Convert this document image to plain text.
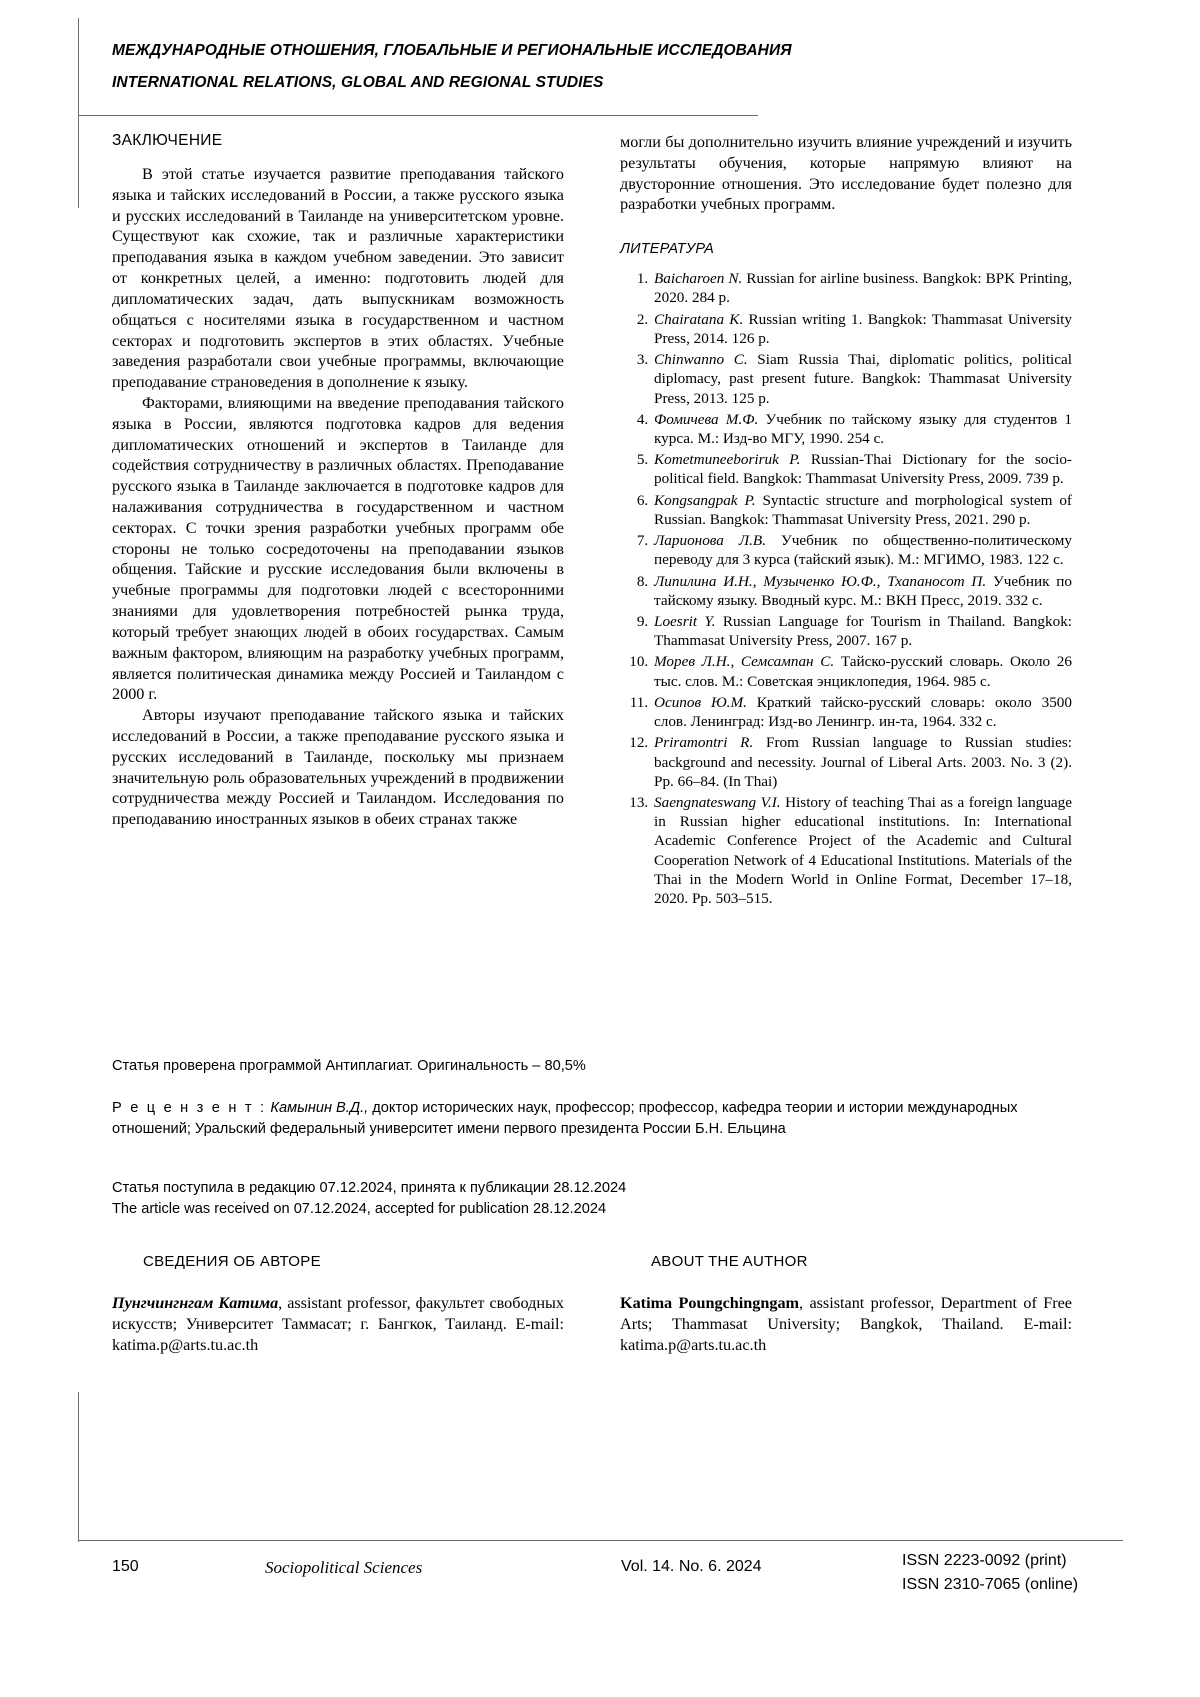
МЕЖДУНАРОДНЫЕ ОТНОШЕНИЯ, ГЛОБАЛЬНЫЕ И РЕГИОНАЛЬНЫЕ ИССЛЕДОВАНИЯ
INTERNATIONAL RELATIONS, GLOBAL AND REGIONAL STUDIES
ЗАКЛЮЧЕНИЕ

В этой статье изучается развитие преподавания тайского языка и тайских исследований в России, а также русского языка и русских исследований в Таиланде на университетском уровне. Существуют как схожие, так и различные характеристики преподавания языка в каждом учебном заведении. Это зависит от конкретных целей, а именно: подготовить людей для дипломатических задач, дать выпускникам возможность общаться с носителями языка в государственном и частном секторах и подготовить экспертов в этих областях. Учебные заведения разработали свои учебные программы, включающие преподавание страноведения в дополнение к языку.

Факторами, влияющими на введение преподавания тайского языка в России, являются подготовка кадров для ведения дипломатических отношений и экспертов в Таиланде для содействия сотрудничеству в различных областях. Преподавание русского языка в Таиланде заключается в подготовке кадров для налаживания сотрудничества в государственном и частном секторах. С точки зрения разработки учебных программ обе стороны не только сосредоточены на преподавании языков общения. Тайские и русские исследования были включены в учебные программы для подготовки людей с всесторонними знаниями для удовлетворения потребностей рынка труда, который требует знающих людей в обоих государствах. Самым важным фактором, влияющим на разработку учебных программ, является политическая динамика между Россией и Таиландом с 2000 г.

Авторы изучают преподавание тайского языка и тайских исследований в России, а также преподавание русского языка и русских исследований в Таиланде, поскольку мы признаем значительную роль образовательных учреждений в продвижении сотрудничества между Россией и Таиландом. Исследования по преподаванию иностранных языков в обеих странах также

могли бы дополнительно изучить влияние учреждений и изучить результаты обучения, которые напрямую влияют на двусторонние отношения. Это исследование будет полезно для разработки учебных программ.

ЛИТЕРАТУРА
1. Baicharoen N. Russian for airline business. Bangkok: BPK Printing, 2020. 284 p.
2. Chairatana K. Russian writing 1. Bangkok: Thammasat University Press, 2014. 126 p.
3. Chinwanno C. Siam Russia Thai, diplomatic politics, political diplomacy, past present future. Bangkok: Thammasat University Press, 2013. 125 p.
4. Фомичева М.Ф. Учебник по тайскому языку для студентов 1 курса. М.: Изд-во МГУ, 1990. 254 с.
5. Kometmuneeboriruk P. Russian-Thai Dictionary for the socio-political field. Bangkok: Thammasat University Press, 2009. 739 p.
6. Kongsangpak P. Syntactic structure and morphological system of Russian. Bangkok: Thammasat University Press, 2021. 290 p.
7. Ларионова Л.В. Учебник по общественно-политическому переводу для 3 курса (тайский язык). М.: МГИМО, 1983. 122 с.
8. Липилина И.Н., Музыченко Ю.Ф., Тхапаносот П. Учебник по тайскому языку. Вводный курс. М.: ВКН Пресс, 2019. 332 с.
9. Loesrit Y. Russian Language for Tourism in Thailand. Bangkok: Thammasat University Press, 2007. 167 p.
10. Морев Л.Н., Семсампан С. Тайско-русский словарь. Около 26 тыс. слов. М.: Советская энциклопедия, 1964. 985 с.
11. Осипов Ю.М. Краткий тайско-русский словарь: около 3500 слов. Ленинград: Изд-во Ленингр. ин-та, 1964. 332 с.
12. Priramontri R. From Russian language to Russian studies: background and necessity. Journal of Liberal Arts. 2003. No. 3 (2). Pp. 66–84. (In Thai)
13. Saengnateswang V.I. History of teaching Thai as a foreign language in Russian higher educational institutions. In: International Academic Conference Project of the Academic and Cultural Cooperation Network of 4 Educational Institutions. Materials of the Thai in the Modern World in Online Format, December 17–18, 2020. Pp. 503–515.
Статья проверена программой Антиплагиат. Оригинальность – 80,5%
Р е ц е н з е н т : Камынин В.Д., доктор исторических наук, профессор; профессор, кафедра теории и истории международных отношений; Уральский федеральный университет имени первого президента России Б.Н. Ельцина
Статья поступила в редакцию 07.12.2024, принята к публикации 28.12.2024
The article was received on 07.12.2024, accepted for publication 28.12.2024
СВЕДЕНИЯ ОБ АВТОРЕ	ABOUT THE AUTHOR
Пунгчингнгам Катима, assistant professor, факультет свободных искусств; Университет Таммасат; г. Бангкок, Таиланд. E-mail: katima.p@arts.tu.ac.th
Katima Poungchingngam, assistant professor, Department of Free Arts; Thammasat University; Bangkok, Thailand. E-mail: katima.p@arts.tu.ac.th
150	Sociopolitical Sciences	Vol. 14. No. 6. 2024	ISSN 2223-0092 (print)
ISSN 2310-7065 (online)
